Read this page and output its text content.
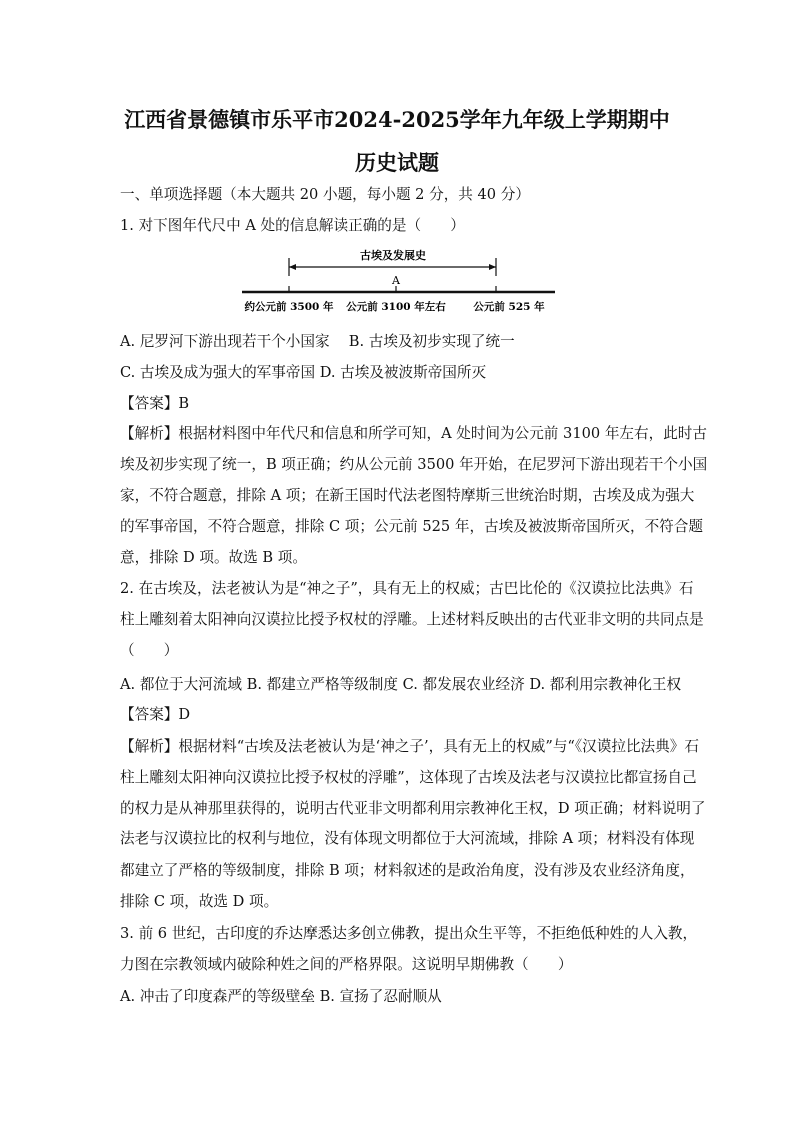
江西省景德镇市乐平市2024-2025学年九年级上学期期中
历史试题
一、单项选择题（本大题共 20 小题，每小题 2 分，共 40 分）
1. 对下图年代尺中 A 处的信息解读正确的是（　　）
古埃及发展史
A
约公元前 3500 年 公元前 3100 年左右	公元前 525 年
A. 尼罗河下游出现若干个小国家　 B. 古埃及初步实现了统一
C. 古埃及成为强大的军事帝国 D. 古埃及被波斯帝国所灭
【答案】B
【解析】根据材料图中年代尺和信息和所学可知，A 处时间为公元前 3100 年左右，此时古
埃及初步实现了统一，B 项正确；约从公元前 3500 年开始，在尼罗河下游出现若干个小国
家，不符合题意，排除 A 项；在新王国时代法老图特摩斯三世统治时期，古埃及成为强大
的军事帝国，不符合题意，排除 C 项；公元前 525 年，古埃及被波斯帝国所灭，不符合题
意，排除 D 项。故选 B 项。
2. 在古埃及，法老被认为是“神之子”，具有无上的权威；古巴比伦的《汉谟拉比法典》石
柱上雕刻着太阳神向汉谟拉比授予权杖的浮雕。上述材料反映出的古代亚非文明的共同点是
（　　）
A. 都位于大河流域 B. 都建立严格等级制度 C. 都发展农业经济 D. 都利用宗教神化王权
【答案】D
【解析】根据材料“古埃及法老被认为是‘神之子’，具有无上的权威”与“《汉谟拉比法典》石
柱上雕刻太阳神向汉谟拉比授予权杖的浮雕”，这体现了古埃及法老与汉谟拉比都宣扬自己
的权力是从神那里获得的，说明古代亚非文明都利用宗教神化王权，D 项正确；材料说明了
法老与汉谟拉比的权利与地位，没有体现文明都位于大河流域，排除 A 项；材料没有体现
都建立了严格的等级制度，排除 B 项；材料叙述的是政治角度，没有涉及农业经济角度，
排除 C 项，故选 D 项。
3. 前 6 世纪，古印度的乔达摩悉达多创立佛教，提出众生平等，不拒绝低种姓的人入教，
力图在宗教领域内破除种姓之间的严格界限。这说明早期佛教（　　）
A. 冲击了印度森严的等级壁垒 B. 宣扬了忍耐顺从
